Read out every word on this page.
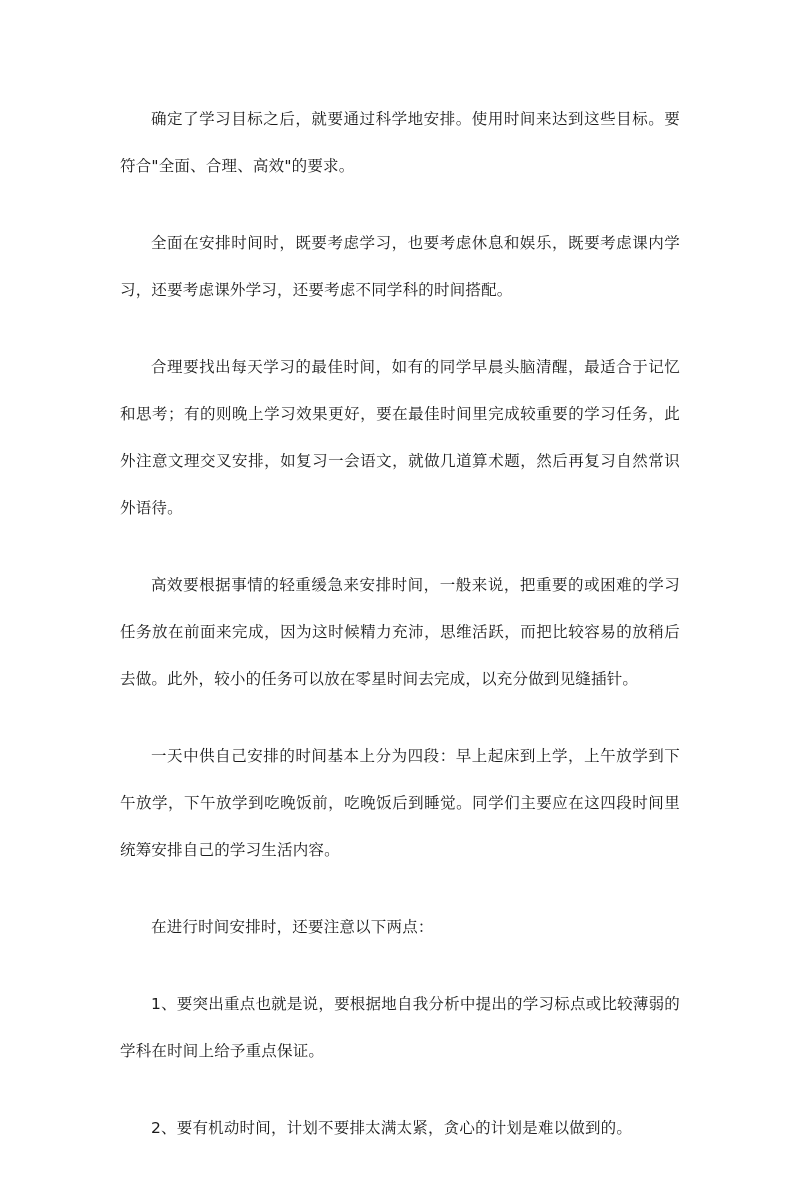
确定了学习目标之后，就要通过科学地安排。使用时间来达到这些目标。要符合"全面、合理、高效"的要求。

全面在安排时间时，既要考虑学习，也要考虑休息和娱乐，既要考虑课内学习，还要考虑课外学习，还要考虑不同学科的时间搭配。

合理要找出每天学习的最佳时间，如有的同学早晨头脑清醒，最适合于记忆和思考；有的则晚上学习效果更好，要在最佳时间里完成较重要的学习任务，此外注意文理交叉安排，如复习一会语文，就做几道算术题，然后再复习自然常识外语待。

高效要根据事情的轻重缓急来安排时间，一般来说，把重要的或困难的学习任务放在前面来完成，因为这时候精力充沛，思维活跃，而把比较容易的放稍后去做。此外，较小的任务可以放在零星时间去完成，以充分做到见缝插针。

一天中供自己安排的时间基本上分为四段：早上起床到上学，上午放学到下午放学，下午放学到吃晚饭前，吃晚饭后到睡觉。同学们主要应在这四段时间里统筹安排自己的学习生活内容。

在进行时间安排时，还要注意以下两点：

1、要突出重点也就是说，要根据地自我分析中提出的学习标点或比较薄弱的学科在时间上给予重点保证。

2、要有机动时间，计划不要排太满太紧，贪心的计划是难以做到的。
